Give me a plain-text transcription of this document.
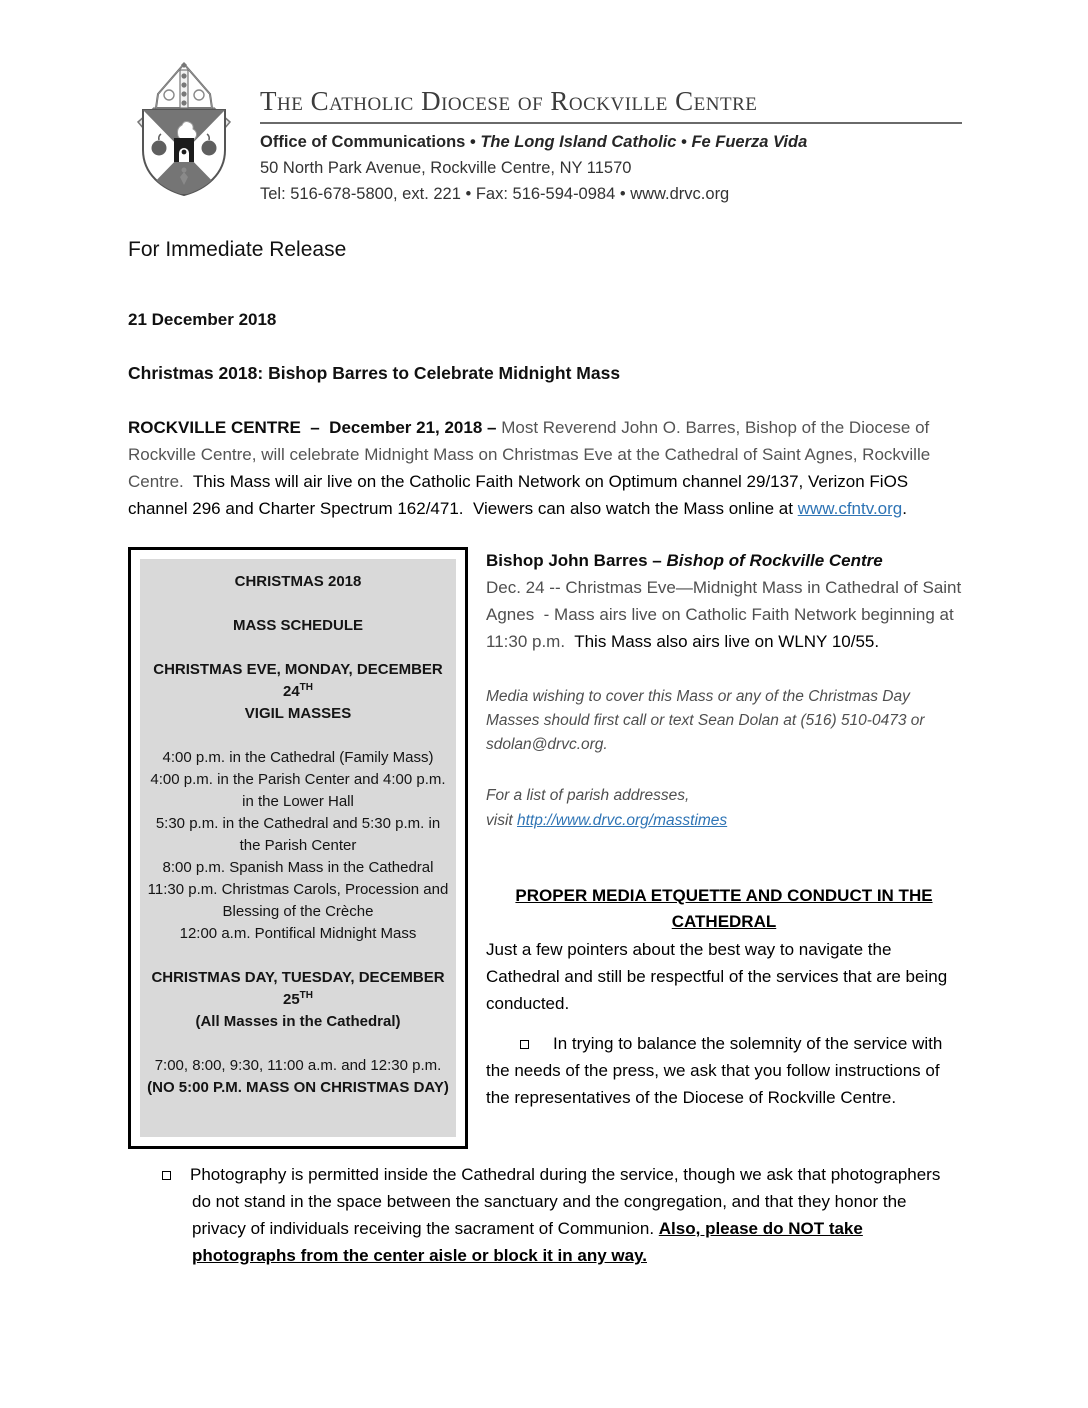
The Catholic Diocese of Rockville Centre
Office of Communications • The Long Island Catholic • Fe Fuerza Vida
50 North Park Avenue, Rockville Centre, NY 11570
Tel: 516-678-5800, ext. 221 • Fax: 516-594-0984 • www.drvc.org
For Immediate Release
21 December 2018
Christmas 2018: Bishop Barres to Celebrate Midnight Mass

ROCKVILLE CENTRE  –  December 21, 2018 – Most Reverend John O. Barres, Bishop of the Diocese of Rockville Centre, will celebrate Midnight Mass on Christmas Eve at the Cathedral of Saint Agnes, Rockville Centre.  This Mass will air live on the Catholic Faith Network on Optimum channel 29/137, Verizon FiOS channel 296 and Charter Spectrum 162/471.  Viewers can also watch the Mass online at www.cfntv.org.

CHRISTMAS 2018
MASS SCHEDULE
CHRISTMAS EVE, MONDAY, DECEMBER 24TH
VIGIL MASSES
4:00 p.m. in the Cathedral (Family Mass)
4:00 p.m. in the Parish Center and 4:00 p.m. in the Lower Hall
5:30 p.m. in the Cathedral and 5:30 p.m. in the Parish Center
8:00 p.m. Spanish Mass in the Cathedral
11:30 p.m. Christmas Carols, Procession and Blessing of the Crèche
12:00 a.m. Pontifical Midnight Mass
CHRISTMAS DAY, TUESDAY, DECEMBER 25TH
(All Masses in the Cathedral)
7:00, 8:00, 9:30, 11:00 a.m. and 12:30 p.m.
(NO 5:00 P.M. MASS ON CHRISTMAS DAY)
Bishop John Barres – Bishop of Rockville Centre
Dec. 24 -- Christmas Eve—Midnight Mass in Cathedral of Saint Agnes  - Mass airs live on Catholic Faith Network beginning at 11:30 p.m.  This Mass also airs live on WLNY 10/55.

Media wishing to cover this Mass or any of the Christmas Day Masses should first call or text Sean Dolan at (516) 510-0473 or sdolan@drvc.org.

For a list of parish addresses,
visit http://www.drvc.org/masstimes
PROPER MEDIA ETQUETTE AND CONDUCT IN THE CATHEDRAL
Just a few pointers about the best way to navigate the Cathedral and still be respectful of the services that are being conducted.
In trying to balance the solemnity of the service with the needs of the press, we ask that you follow instructions of the representatives of the Diocese of Rockville Centre.
Photography is permitted inside the Cathedral during the service, though we ask that photographers do not stand in the space between the sanctuary and the congregation, and that they honor the privacy of individuals receiving the sacrament of Communion. Also, please do NOT take photographs from the center aisle or block it in any way.
